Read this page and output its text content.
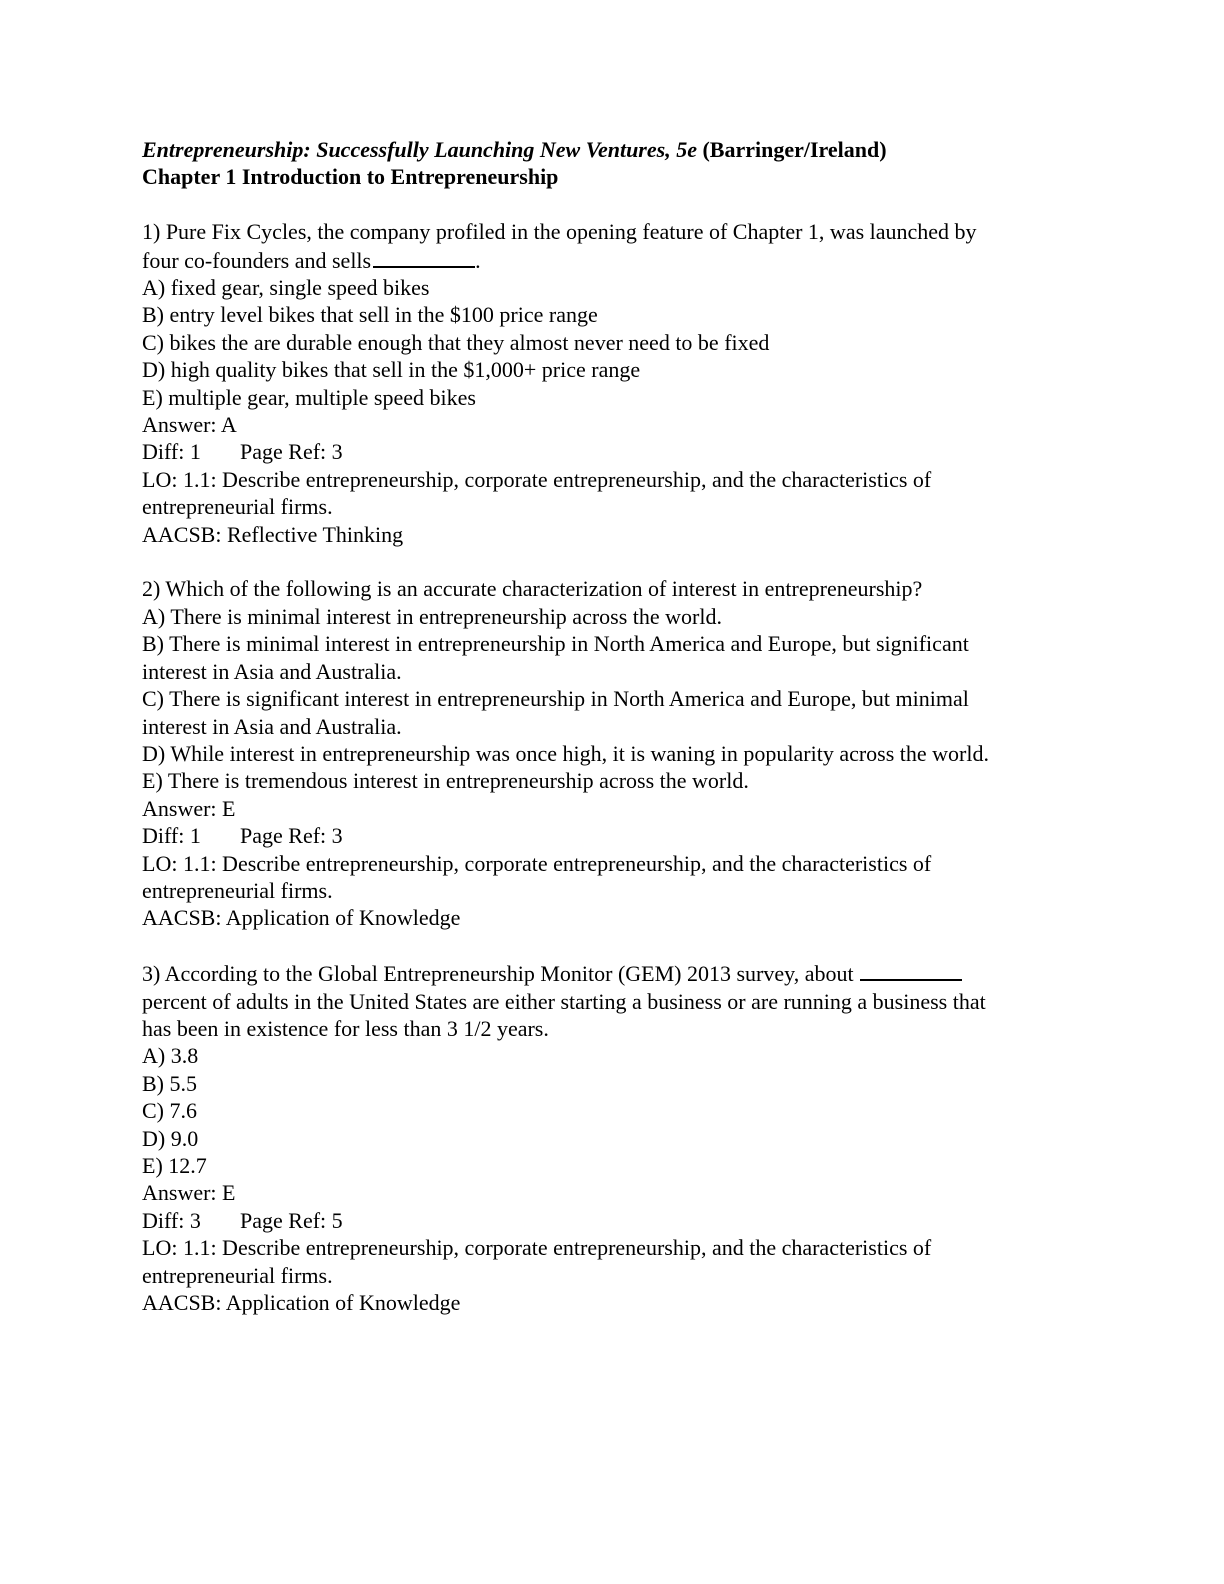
Entrepreneurship: Successfully Launching New Ventures, 5e (Barringer/Ireland)
Chapter 1 Introduction to Entrepreneurship
1) Pure Fix Cycles, the company profiled in the opening feature of Chapter 1, was launched by
four co-founders and sells	.
A) fixed gear, single speed bikes
B) entry level bikes that sell in the $100 price range
C) bikes the are durable enough that they almost never need to be fixed
D) high quality bikes that sell in the $1,000+ price range
E) multiple gear, multiple speed bikes
Answer: A
Diff: 1 Page Ref: 3
LO: 1.1: Describe entrepreneurship, corporate entrepreneurship, and the characteristics of
entrepreneurial firms.
AACSB: Reflective Thinking
2) Which of the following is an accurate characterization of interest in entrepreneurship?
A) There is minimal interest in entrepreneurship across the world.
B) There is minimal interest in entrepreneurship in North America and Europe, but significant
interest in Asia and Australia.
C) There is significant interest in entrepreneurship in North America and Europe, but minimal
interest in Asia and Australia.
D) While interest in entrepreneurship was once high, it is waning in popularity across the world.
E) There is tremendous interest in entrepreneurship across the world.
Answer: E
Diff: 1 Page Ref: 3
LO: 1.1: Describe entrepreneurship, corporate entrepreneurship, and the characteristics of
entrepreneurial firms.
AACSB: Application of Knowledge
3) According to the Global Entrepreneurship Monitor (GEM) 2013 survey, about
percent of adults in the United States are either starting a business or are running a business that
has been in existence for less than 3 1/2 years.
A) 3.8
B) 5.5
C) 7.6
D) 9.0
E) 12.7
Answer: E
Diff: 3 Page Ref: 5
LO: 1.1: Describe entrepreneurship, corporate entrepreneurship, and the characteristics of
entrepreneurial firms.
AACSB: Application of Knowledge
